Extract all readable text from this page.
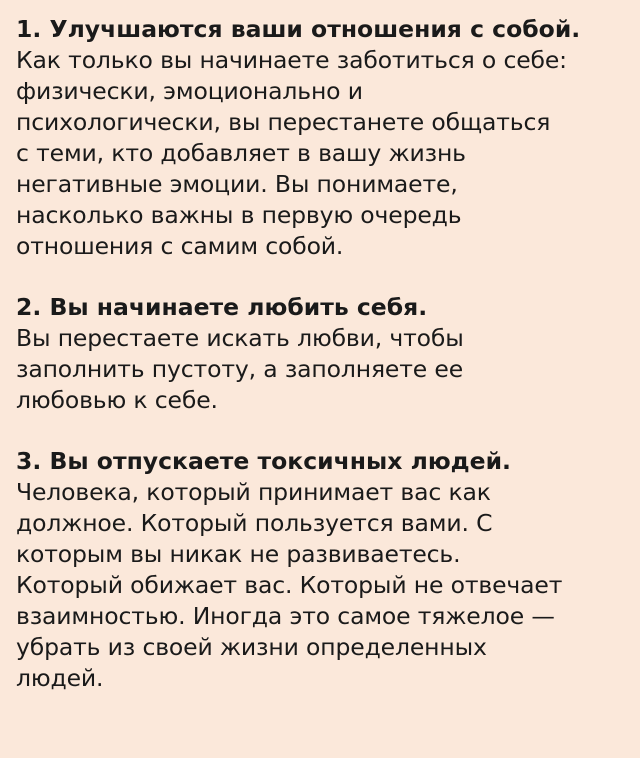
1. Улучшаются ваши отношения с собой.
Как только вы начинаете заботиться о себе:
физически, эмоционально и
психологически, вы перестанете общаться
с теми, кто добавляет в вашу жизнь
негативные эмоции. Вы понимаете,
насколько важны в первую очередь
отношения с самим собой.
2. Вы начинаете любить себя.
Вы перестаете искать любви, чтобы
заполнить пустоту, а заполняете ее
любовью к себе.
3. Вы отпускаете токсичных людей.
Человека, который принимает вас как
должное. Который пользуется вами. С
которым вы никак не развиваетесь.
Который обижает вас. Который не отвечает
взаимностью. Иногда это самое тяжелое —
убрать из своей жизни определенных
людей.
